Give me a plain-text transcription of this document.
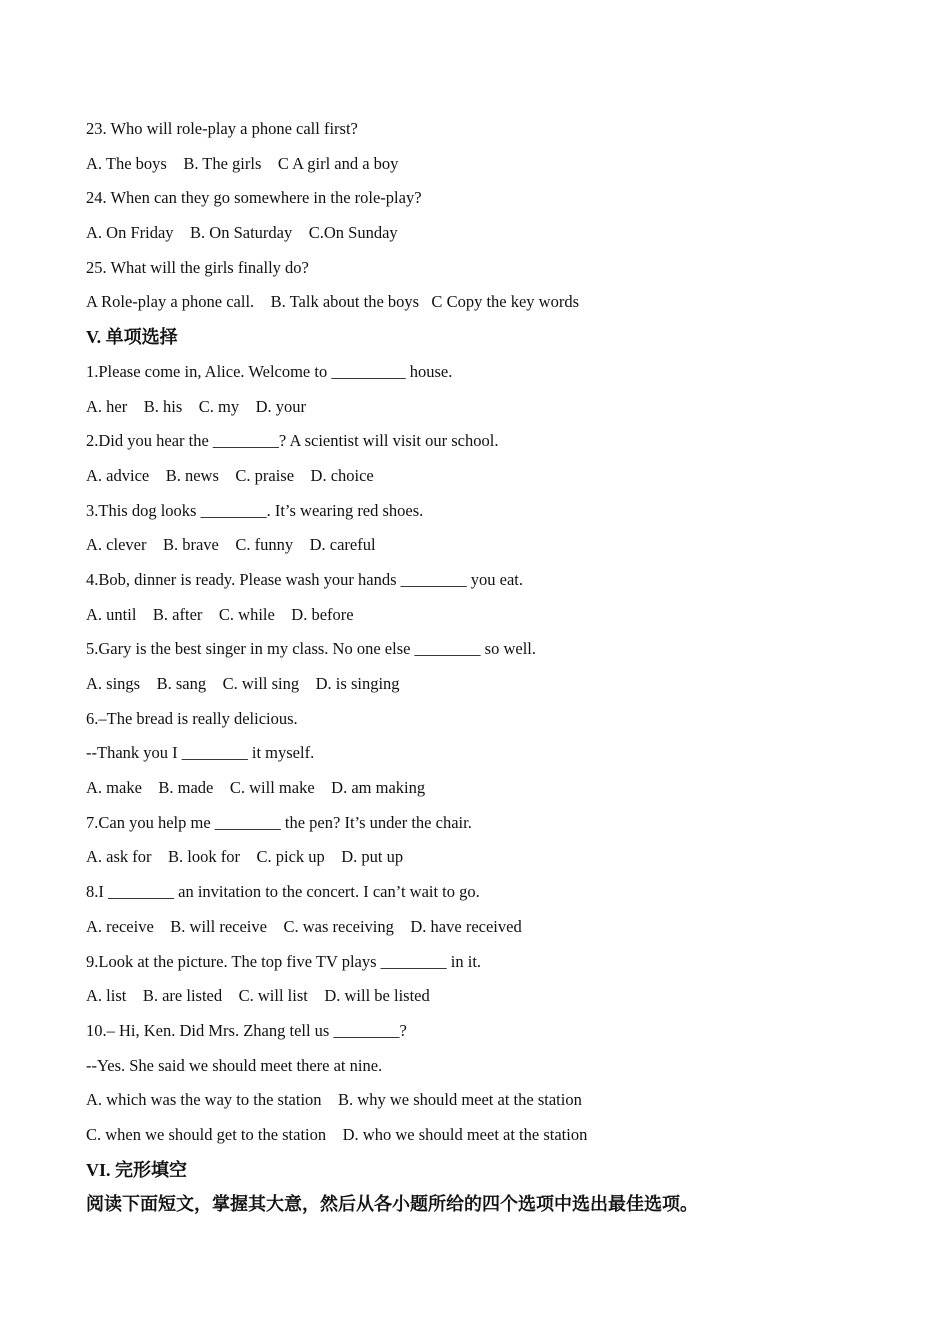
23. Who will role-play a phone call first?

A. The boys    B. The girls    C A girl and a boy

24. When can they go somewhere in the role-play?

A. On Friday    B. On Saturday    C.On Sunday

25. What will the girls finally do?

A Role-play a phone call.    B. Talk about the boys   C Copy the key words

V. 单项选择

1.Please come in, Alice. Welcome to _________ house.

A. her    B. his    C. my    D. your

2.Did you hear the ________? A scientist will visit our school.

A. advice    B. news    C. praise    D. choice

3.This dog looks ________. It’s wearing red shoes.

A. clever    B. brave    C. funny    D. careful

4.Bob, dinner is ready. Please wash your hands ________ you eat.

A. until    B. after    C. while    D. before

5.Gary is the best singer in my class. No one else ________ so well.

A. sings    B. sang    C. will sing    D. is singing

6.–The bread is really delicious.

--Thank you I ________ it myself.

A. make    B. made    C. will make    D. am making

7.Can you help me ________ the pen? It’s under the chair.

A. ask for    B. look for    C. pick up    D. put up

8.I ________ an invitation to the concert. I can’t wait to go.

A. receive    B. will receive    C. was receiving    D. have received

9.Look at the picture. The top five TV plays ________ in it.

A. list    B. are listed    C. will list    D. will be listed

10.– Hi, Ken. Did Mrs. Zhang tell us ________?

--Yes. She said we should meet there at nine.

A. which was the way to the station    B. why we should meet at the station

C. when we should get to the station    D. who we should meet at the station

VI. 完形填空

阅读下面短文，掌握其大意，然后从各小题所给的四个选项中选出最佳选项。
